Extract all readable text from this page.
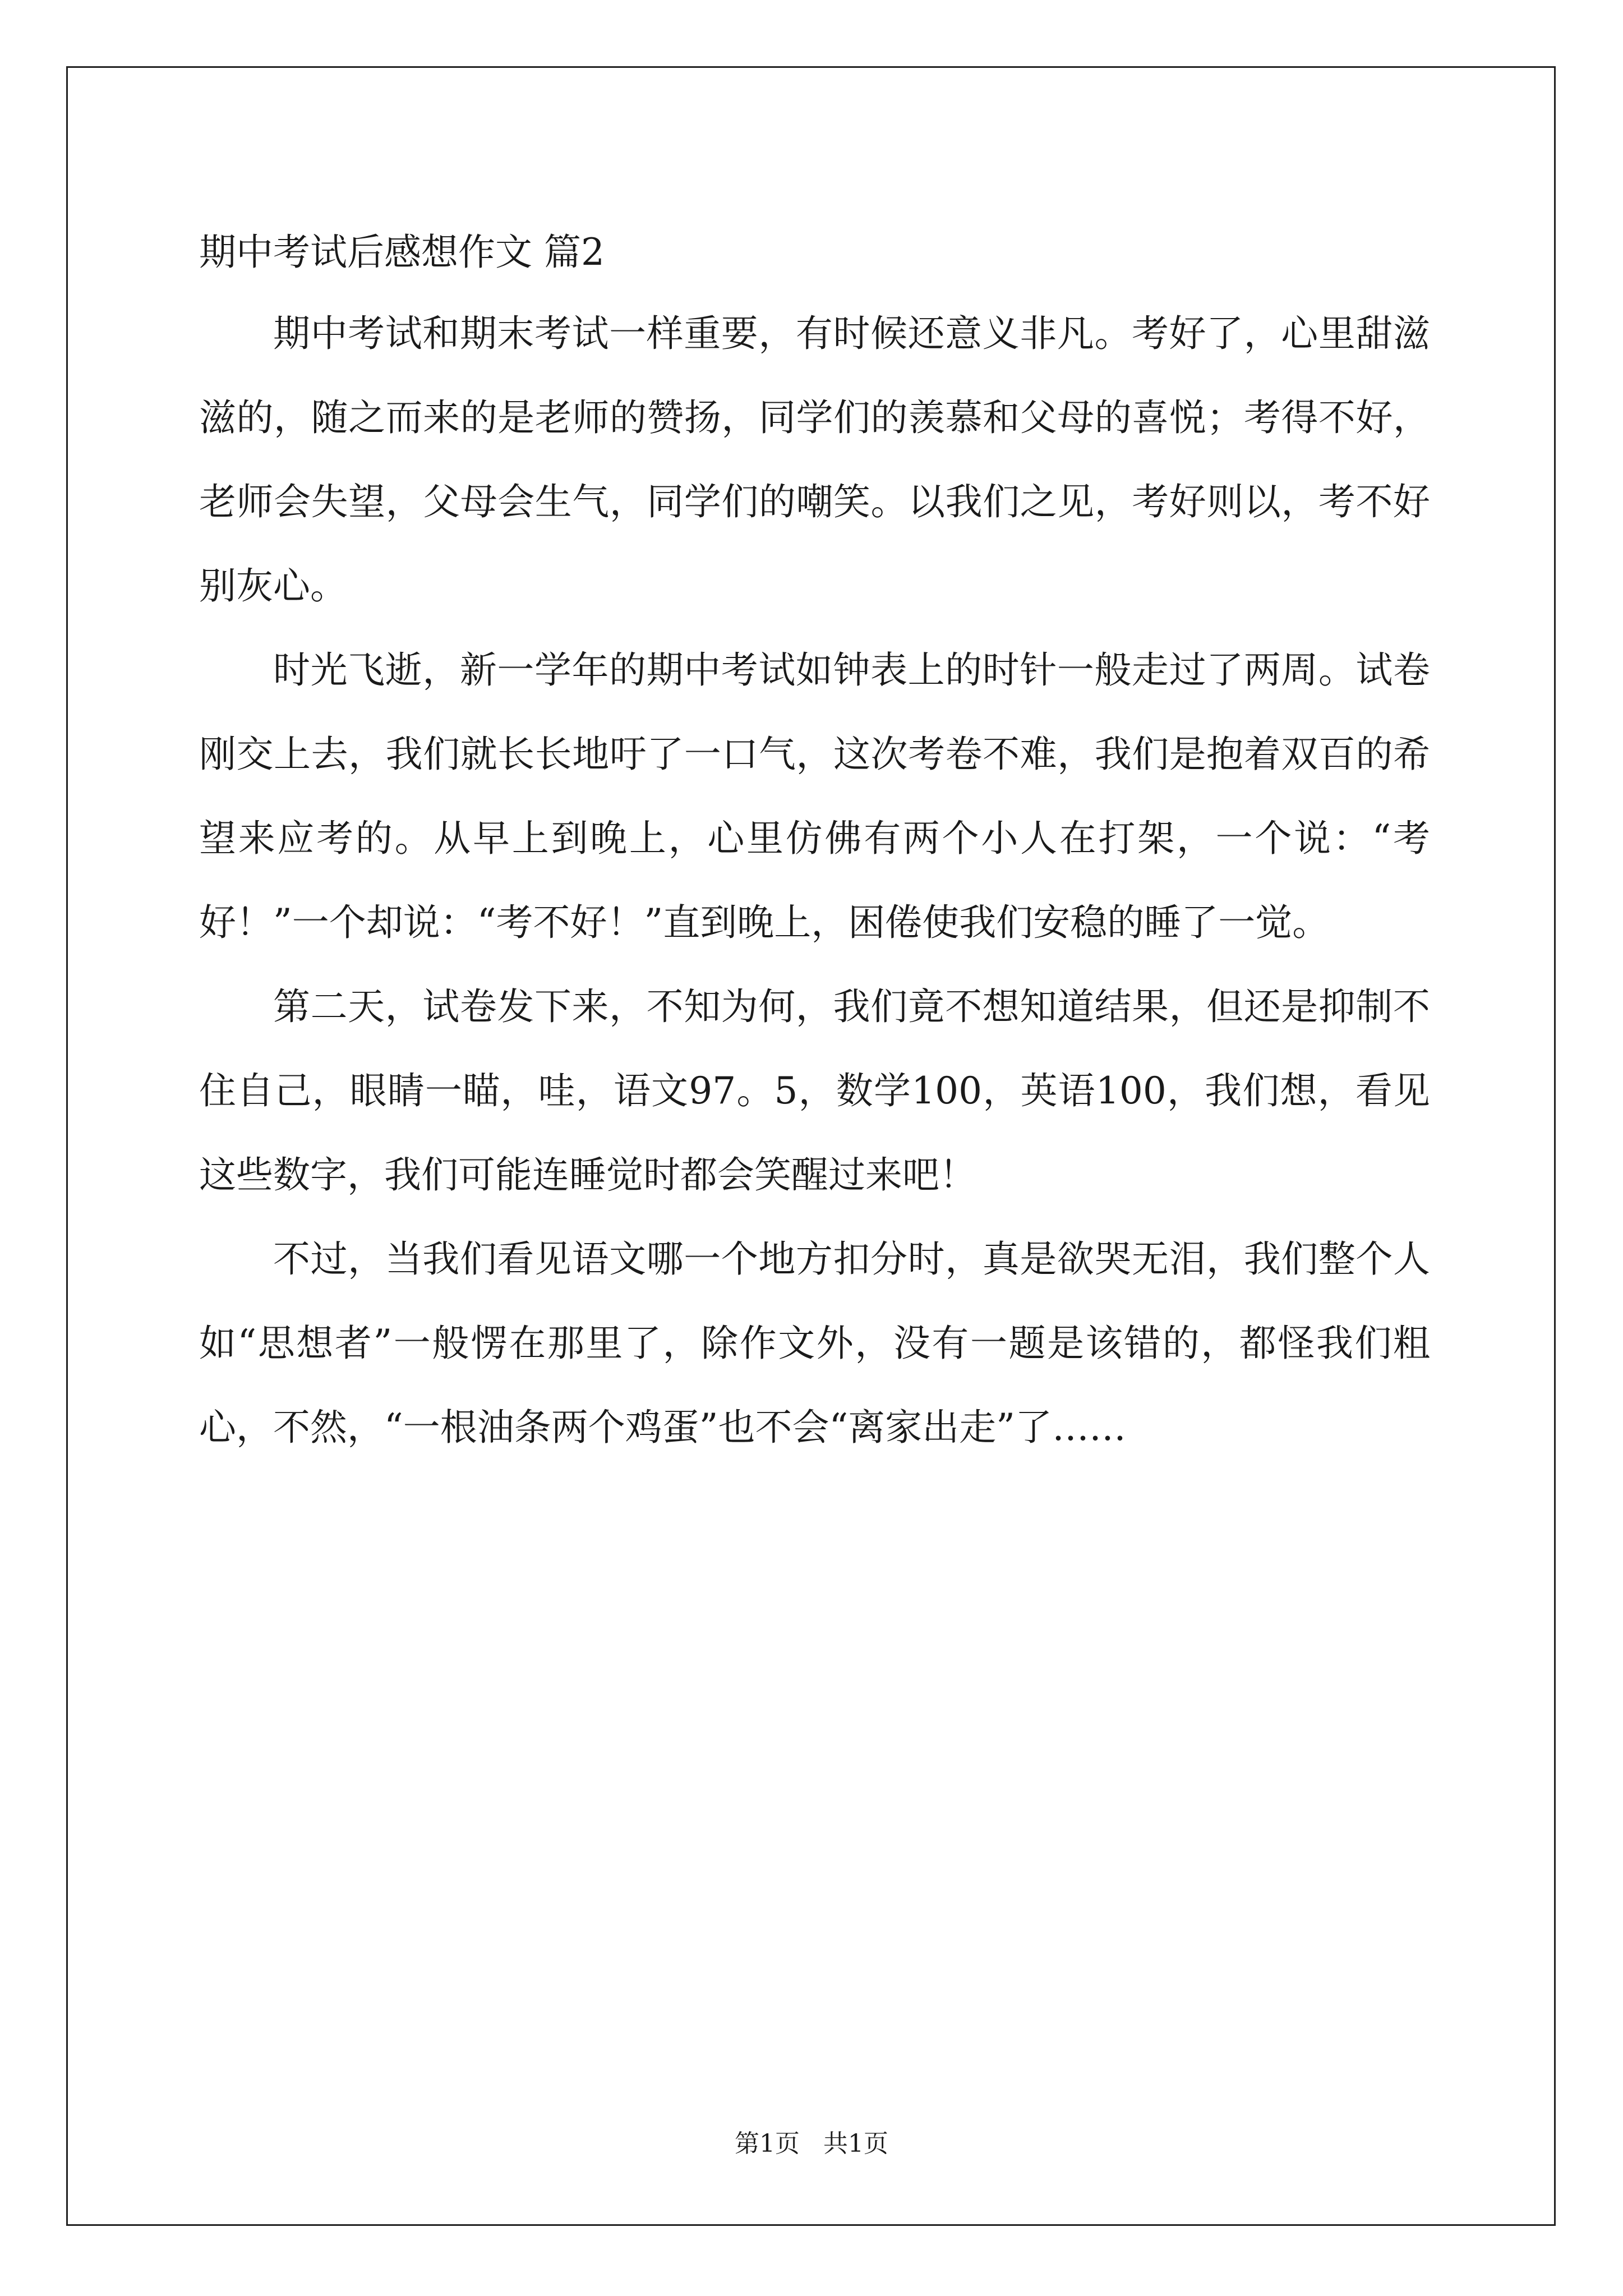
期中考试后感想作文 篇2

期中考试和期末考试一样重要，有时候还意义非凡。考好了，心里甜滋滋的，随之而来的是老师的赞扬，同学们的羡慕和父母的喜悦；考得不好，老师会失望，父母会生气，同学们的嘲笑。以我们之见，考好则以，考不好别灰心。

时光飞逝，新一学年的期中考试如钟表上的时针一般走过了两周。试卷刚交上去，我们就长长地吁了一口气，这次考卷不难，我们是抱着双百的希望来应考的。从早上到晚上，心里仿佛有两个小人在打架，一个说：“考好！”一个却说：“考不好！”直到晚上，困倦使我们安稳的睡了一觉。

第二天，试卷发下来，不知为何，我们竟不想知道结果，但还是抑制不住自己，眼睛一瞄，哇，语文97。5，数学100，英语100，我们想，看见这些数字，我们可能连睡觉时都会笑醒过来吧！

不过，当我们看见语文哪一个地方扣分时，真是欲哭无泪，我们整个人如“思想者”一般愣在那里了，除作文外，没有一题是该错的，都怪我们粗心，不然，“一根油条两个鸡蛋”也不会“离家出走”了……

第1页   共1页
